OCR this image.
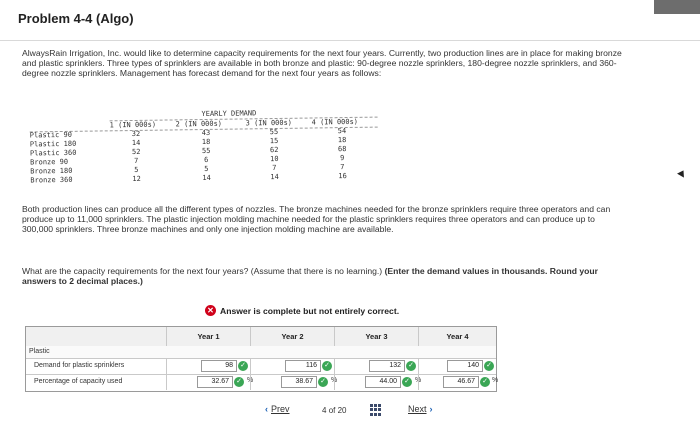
Problem 4-4 (Algo)
AlwaysRain Irrigation, Inc. would like to determine capacity requirements for the next four years. Currently, two production lines are in place for making bronze and plastic sprinklers. Three types of sprinklers are available in both bronze and plastic: 90-degree nozzle sprinklers, 180-degree nozzle sprinklers, and 360-degree nozzle sprinklers. Management has forecast demand for the next four years as follows:
YEARLY DEMAND
1 (IN 000s)	2 (IN 000s)	3 (IN 000s)	4 (IN 000s)
Plastic 90	32	43	55	54
Plastic 180	14	18	15	18
Plastic 360	52	55	62	68
Bronze 90	7	6	10	9
Bronze 180	5	5	7	7
Bronze 360	12	14	14	16
Both production lines can produce all the different types of nozzles. The bronze machines needed for the bronze sprinklers require three operators and can produce up to 11,000 sprinklers. The plastic injection molding machine needed for the plastic sprinklers requires three operators and can produce up to 300,000 sprinklers. Three bronze machines and only one injection molding machine are available.
What are the capacity requirements for the next four years? (Assume that there is no learning.) (Enter the demand values in thousands. Round your answers to 2 decimal places.)
✕ Answer is complete but not entirely correct.
Year 1	Year 2	Year 3	Year 4
Plastic
Demand for plastic sprinklers	98	✓	116	✓	132	✓	140	✓
Percentage of capacity used	32.67	✓ %	38.67	✓ %	44.00	✓ %	46.67	✓ %
‹ Prev	4 of 20	Next ›
